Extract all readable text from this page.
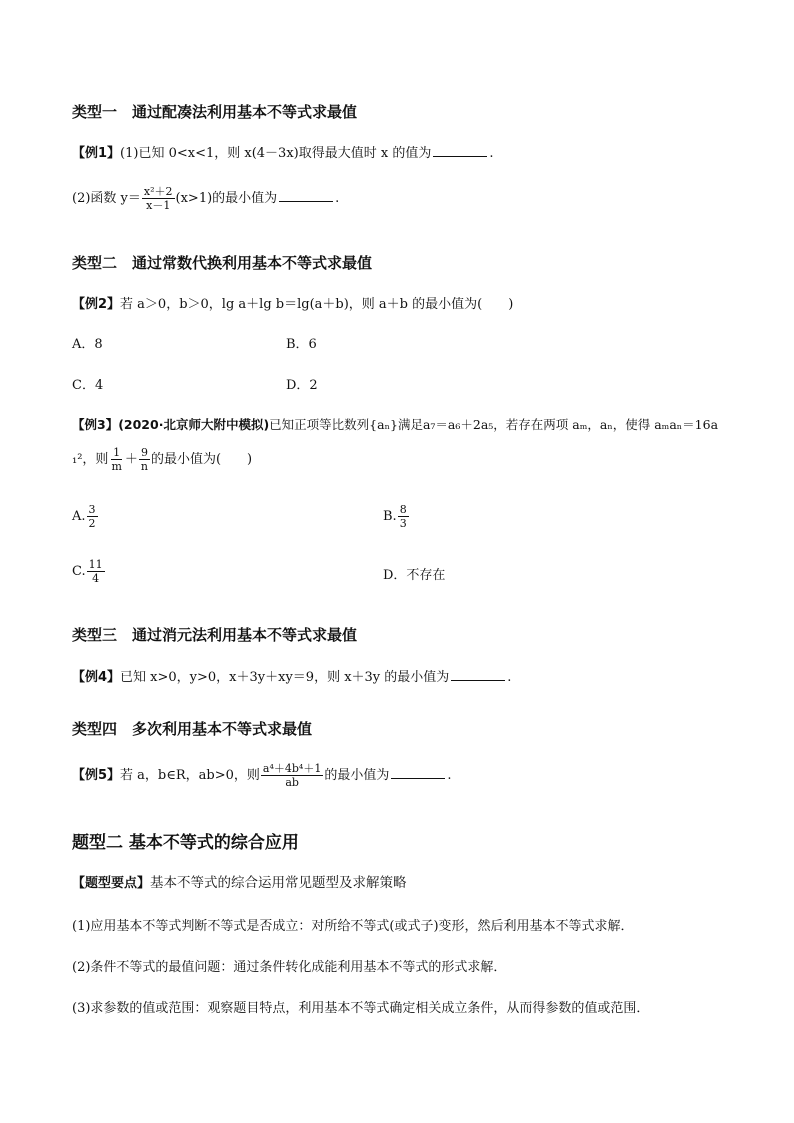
类型一　通过配凑法利用基本不等式求最值
【例1】(1)已知 0<x<1，则 x(4－3x)取得最大值时 x 的值为	.
(2)函数 $y= \frac{\text{x²＋2}}{x-1} (x>1)$的最小值为	.
类型二　通过常数代换利用基本不等式求最值
【例2】若 a＞0，b＞0，lg a＋lg b＝lg(a＋b)，则 a＋b 的最小值为(　　)
A．8	B．6
C．4	D．2
【例3】(2020·北京师大附中模拟)已知正项等比数列{aₙ}满足a₇＝a₆＋2a₅，若存在两项 aₘ，aₙ，使得 aₘaₙ＝16a
₁²，则 $\frac{1}{m} + \frac{9}{n}$ 的最小值为(　　)
A. $\frac{3}{2}$	B. $\frac{8}{3}$
C. $\frac{11}{4}$	D．不存在
类型三　通过消元法利用基本不等式求最值
【例4】已知 x>0，y>0，x＋3y＋xy＝9，则 x＋3y 的最小值为	.
类型四　多次利用基本不等式求最值
【例5】若 a，b∈R，ab>0，则 $\frac{\text{a⁴＋4b⁴＋1}}{ab}$ 的最小值为	.
题型二 基本不等式的综合应用
【题型要点】基本不等式的综合运用常见题型及求解策略
(1)应用基本不等式判断不等式是否成立：对所给不等式(或式子)变形，然后利用基本不等式求解．
(2)条件不等式的最值问题：通过条件转化成能利用基本不等式的形式求解．
(3)求参数的值或范围：观察题目特点，利用基本不等式确定相关成立条件，从而得参数的值或范围．
